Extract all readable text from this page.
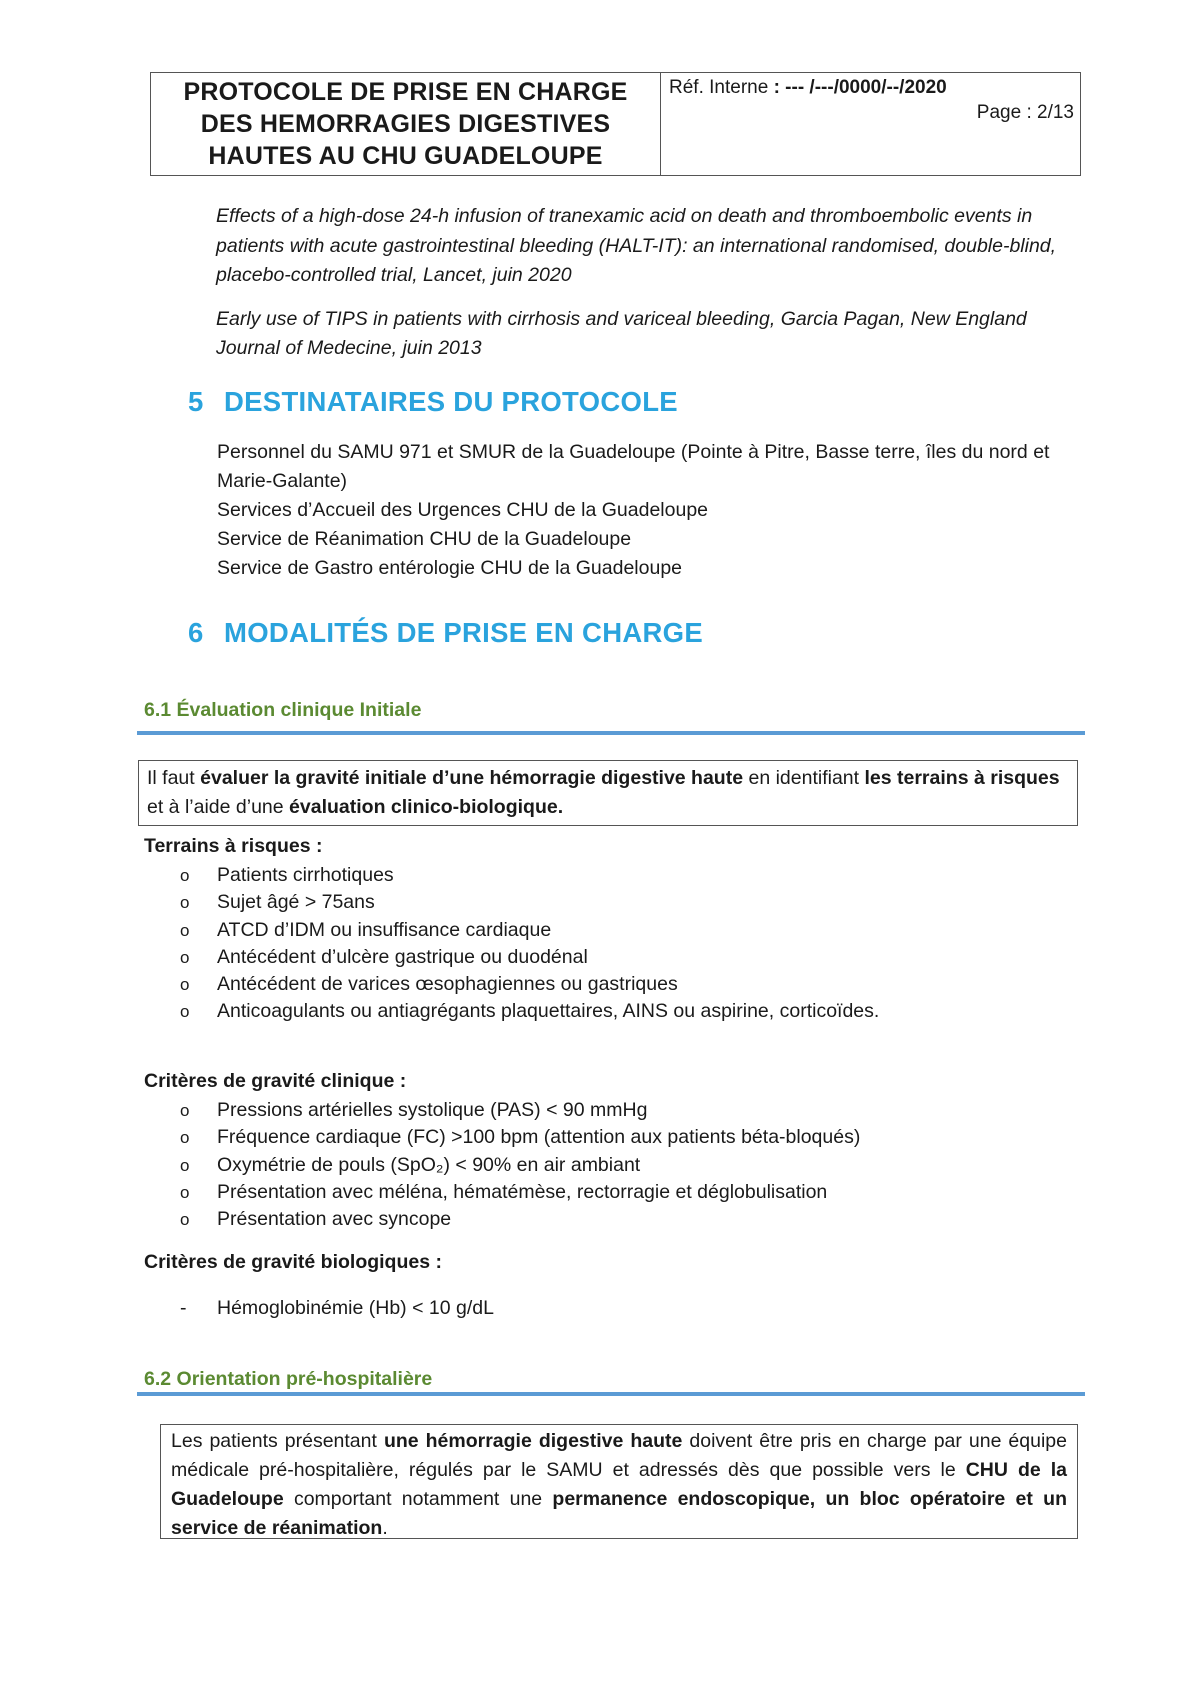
PROTOCOLE DE PRISE EN CHARGE
DES HEMORRAGIES DIGESTIVES
HAUTES AU CHU GUADELOUPE
Réf. Interne : --- /---/0000/--/2020
Page : 2/13

Effects of a high-dose 24-h infusion of tranexamic acid on death and thromboembolic events in patients with acute gastrointestinal bleeding (HALT-IT): an international randomised, double-blind, placebo-controlled trial, Lancet, juin 2020

Early use of TIPS in patients with cirrhosis and variceal bleeding, Garcia Pagan, New England Journal of Medecine, juin 2013

5 DESTINATAIRES DU PROTOCOLE
Personnel du SAMU 971 et SMUR de la Guadeloupe (Pointe à Pitre, Basse terre, îles du nord et Marie-Galante)
Services d’Accueil des Urgences CHU de la Guadeloupe
Service de Réanimation CHU de la Guadeloupe
Service de Gastro entérologie CHU de la Guadeloupe
6 MODALITÉS DE PRISE EN CHARGE
6.1 Évaluation clinique Initiale
Il faut évaluer la gravité initiale d’une hémorragie digestive haute en identifiant les terrains à risques et à l’aide d’une évaluation clinico-biologique.
Terrains à risques :
o Patients cirrhotiques
o Sujet âgé > 75ans
o ATCD d’IDM ou insuffisance cardiaque
o Antécédent d’ulcère gastrique ou duodénal
o Antécédent de varices œsophagiennes ou gastriques
o Anticoagulants ou antiagrégants plaquettaires, AINS ou aspirine, corticoïdes.
Critères de gravité clinique :
o Pressions artérielles systolique (PAS) < 90 mmHg
o Fréquence cardiaque (FC) >100 bpm (attention aux patients béta-bloqués)
o Oxymétrie de pouls (SpO₂) < 90% en air ambiant
o Présentation avec méléna, hématémèse, rectorragie et déglobulisation
o Présentation avec syncope
Critères de gravité biologiques :
- Hémoglobinémie (Hb) < 10 g/dL
6.2 Orientation pré-hospitalière
Les patients présentant une hémorragie digestive haute doivent être pris en charge par une équipe médicale pré-hospitalière, régulés par le SAMU et adressés dès que possible vers le CHU de la Guadeloupe comportant notamment une permanence endoscopique, un bloc opératoire et un service de réanimation.
